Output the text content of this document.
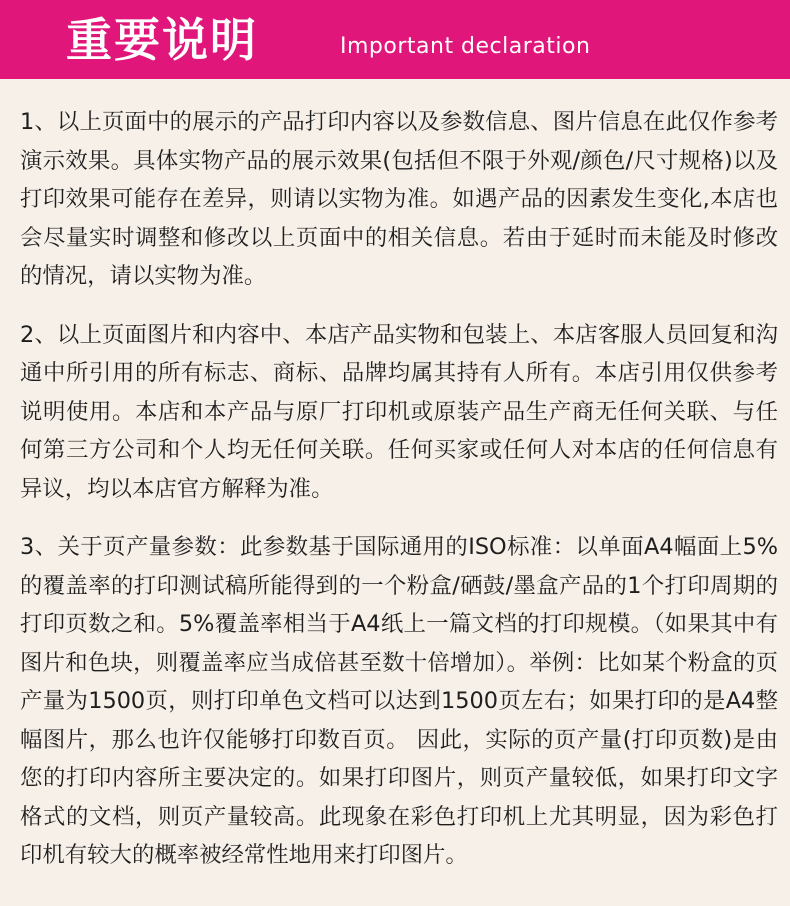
重要说明	Important declaration

1、以上页面中的展示的产品打印内容以及参数信息、图片信息在此仅作参考演示效果。具体实物产品的展示效果(包括但不限于外观/颜色/尺寸规格)以及打印效果可能存在差异，则请以实物为准。如遇产品的因素发生变化,本店也会尽量实时调整和修改以上页面中的相关信息。若由于延时而未能及时修改的情况，请以实物为准。

2、以上页面图片和内容中、本店产品实物和包装上、本店客服人员回复和沟通中所引用的所有标志、商标、品牌均属其持有人所有。本店引用仅供参考说明使用。本店和本产品与原厂打印机或原装产品生产商无任何关联、与任何第三方公司和个人均无任何关联。任何买家或任何人对本店的任何信息有异议，均以本店官方解释为准。

3、关于页产量参数：此参数基于国际通用的ISO标准：以单面A4幅面上5%的覆盖率的打印测试稿所能得到的一个粉盒/硒鼓/墨盒产品的1个打印周期的打印页数之和。5%覆盖率相当于A4纸上一篇文档的打印规模。（如果其中有图片和色块，则覆盖率应当成倍甚至数十倍增加）。举例：比如某个粉盒的页产量为1500页，则打印单色文档可以达到1500页左右；如果打印的是A4整幅图片，那么也许仅能够打印数百页。 因此，实际的页产量(打印页数)是由您的打印内容所主要决定的。如果打印图片，则页产量较低，如果打印文字格式的文档，则页产量较高。此现象在彩色打印机上尤其明显，因为彩色打印机有较大的概率被经常性地用来打印图片。
